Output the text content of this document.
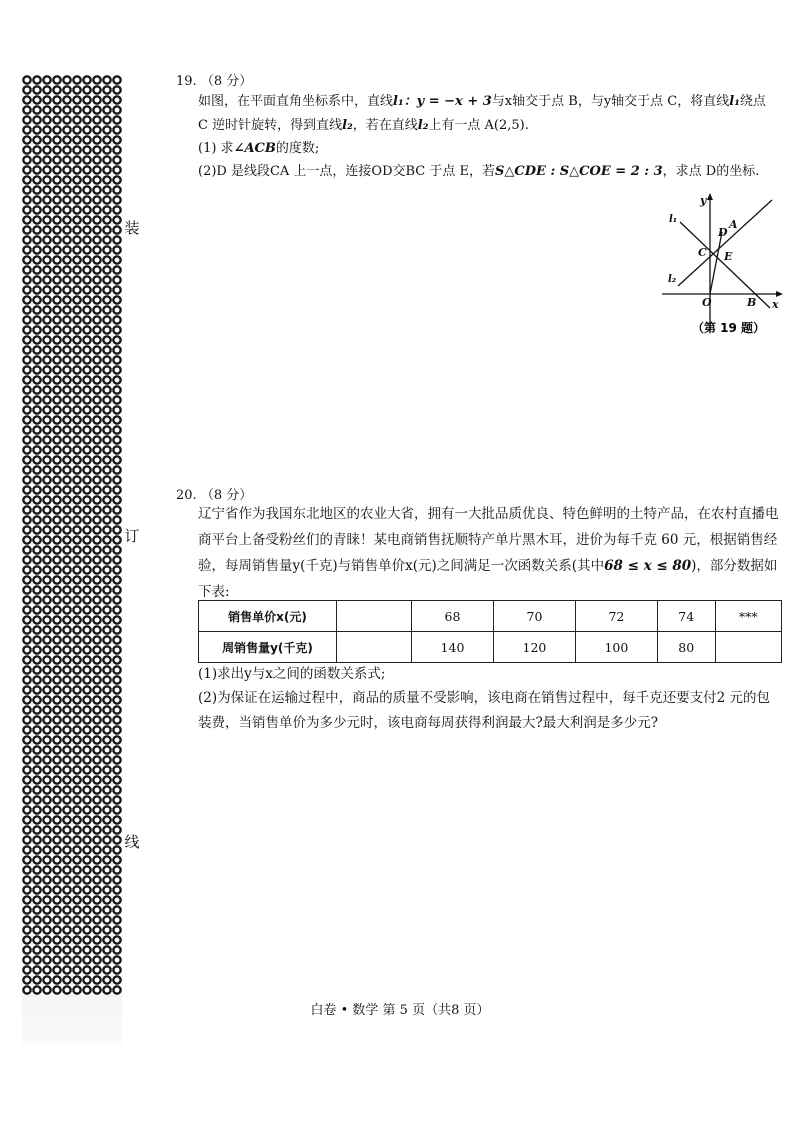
装
订
线
19. （8 分）
如图，在平面直角坐标系中，直线l₁：y = −x + 3与x轴交于点 B，与y轴交于点 C，将直线l₁绕点
C 逆时针旋转，得到直线l₂，若在直线l₂上有一点 A(2,5).
(1) 求∠ACB的度数;
(2)D 是线段CA 上一点，连接OD交BC 于点 E，若S△CDE : S△COE = 2 : 3，求点 D的坐标.
y
x
O	B
C
A
D
E
l₁
l₂
（第 19 题）
20. （8 分）
辽宁省作为我国东北地区的农业大省，拥有一大批品质优良、特色鲜明的土特产品，在农村直播电商平台上备受粉丝们的青睐！某电商销售抚顺特产单片黑木耳，进价为每千克 60 元，根据销售经验，每周销售量y(千克)与销售单价x(元)之间满足一次函数关系(其中68 ≤ x ≤ 80)，部分数据如下表:
销售单价x(元)		68	70	72	74	***
周销售量y(千克)		140	120	100	80	
(1)求出y与x之间的函数关系式;
(2)为保证在运输过程中，商品的质量不受影响，该电商在销售过程中，每千克还要支付2 元的包装费，当销售单价为多少元时，该电商每周获得利润最大?最大利润是多少元?
白卷 • 数学 第 5 页（共8 页）
